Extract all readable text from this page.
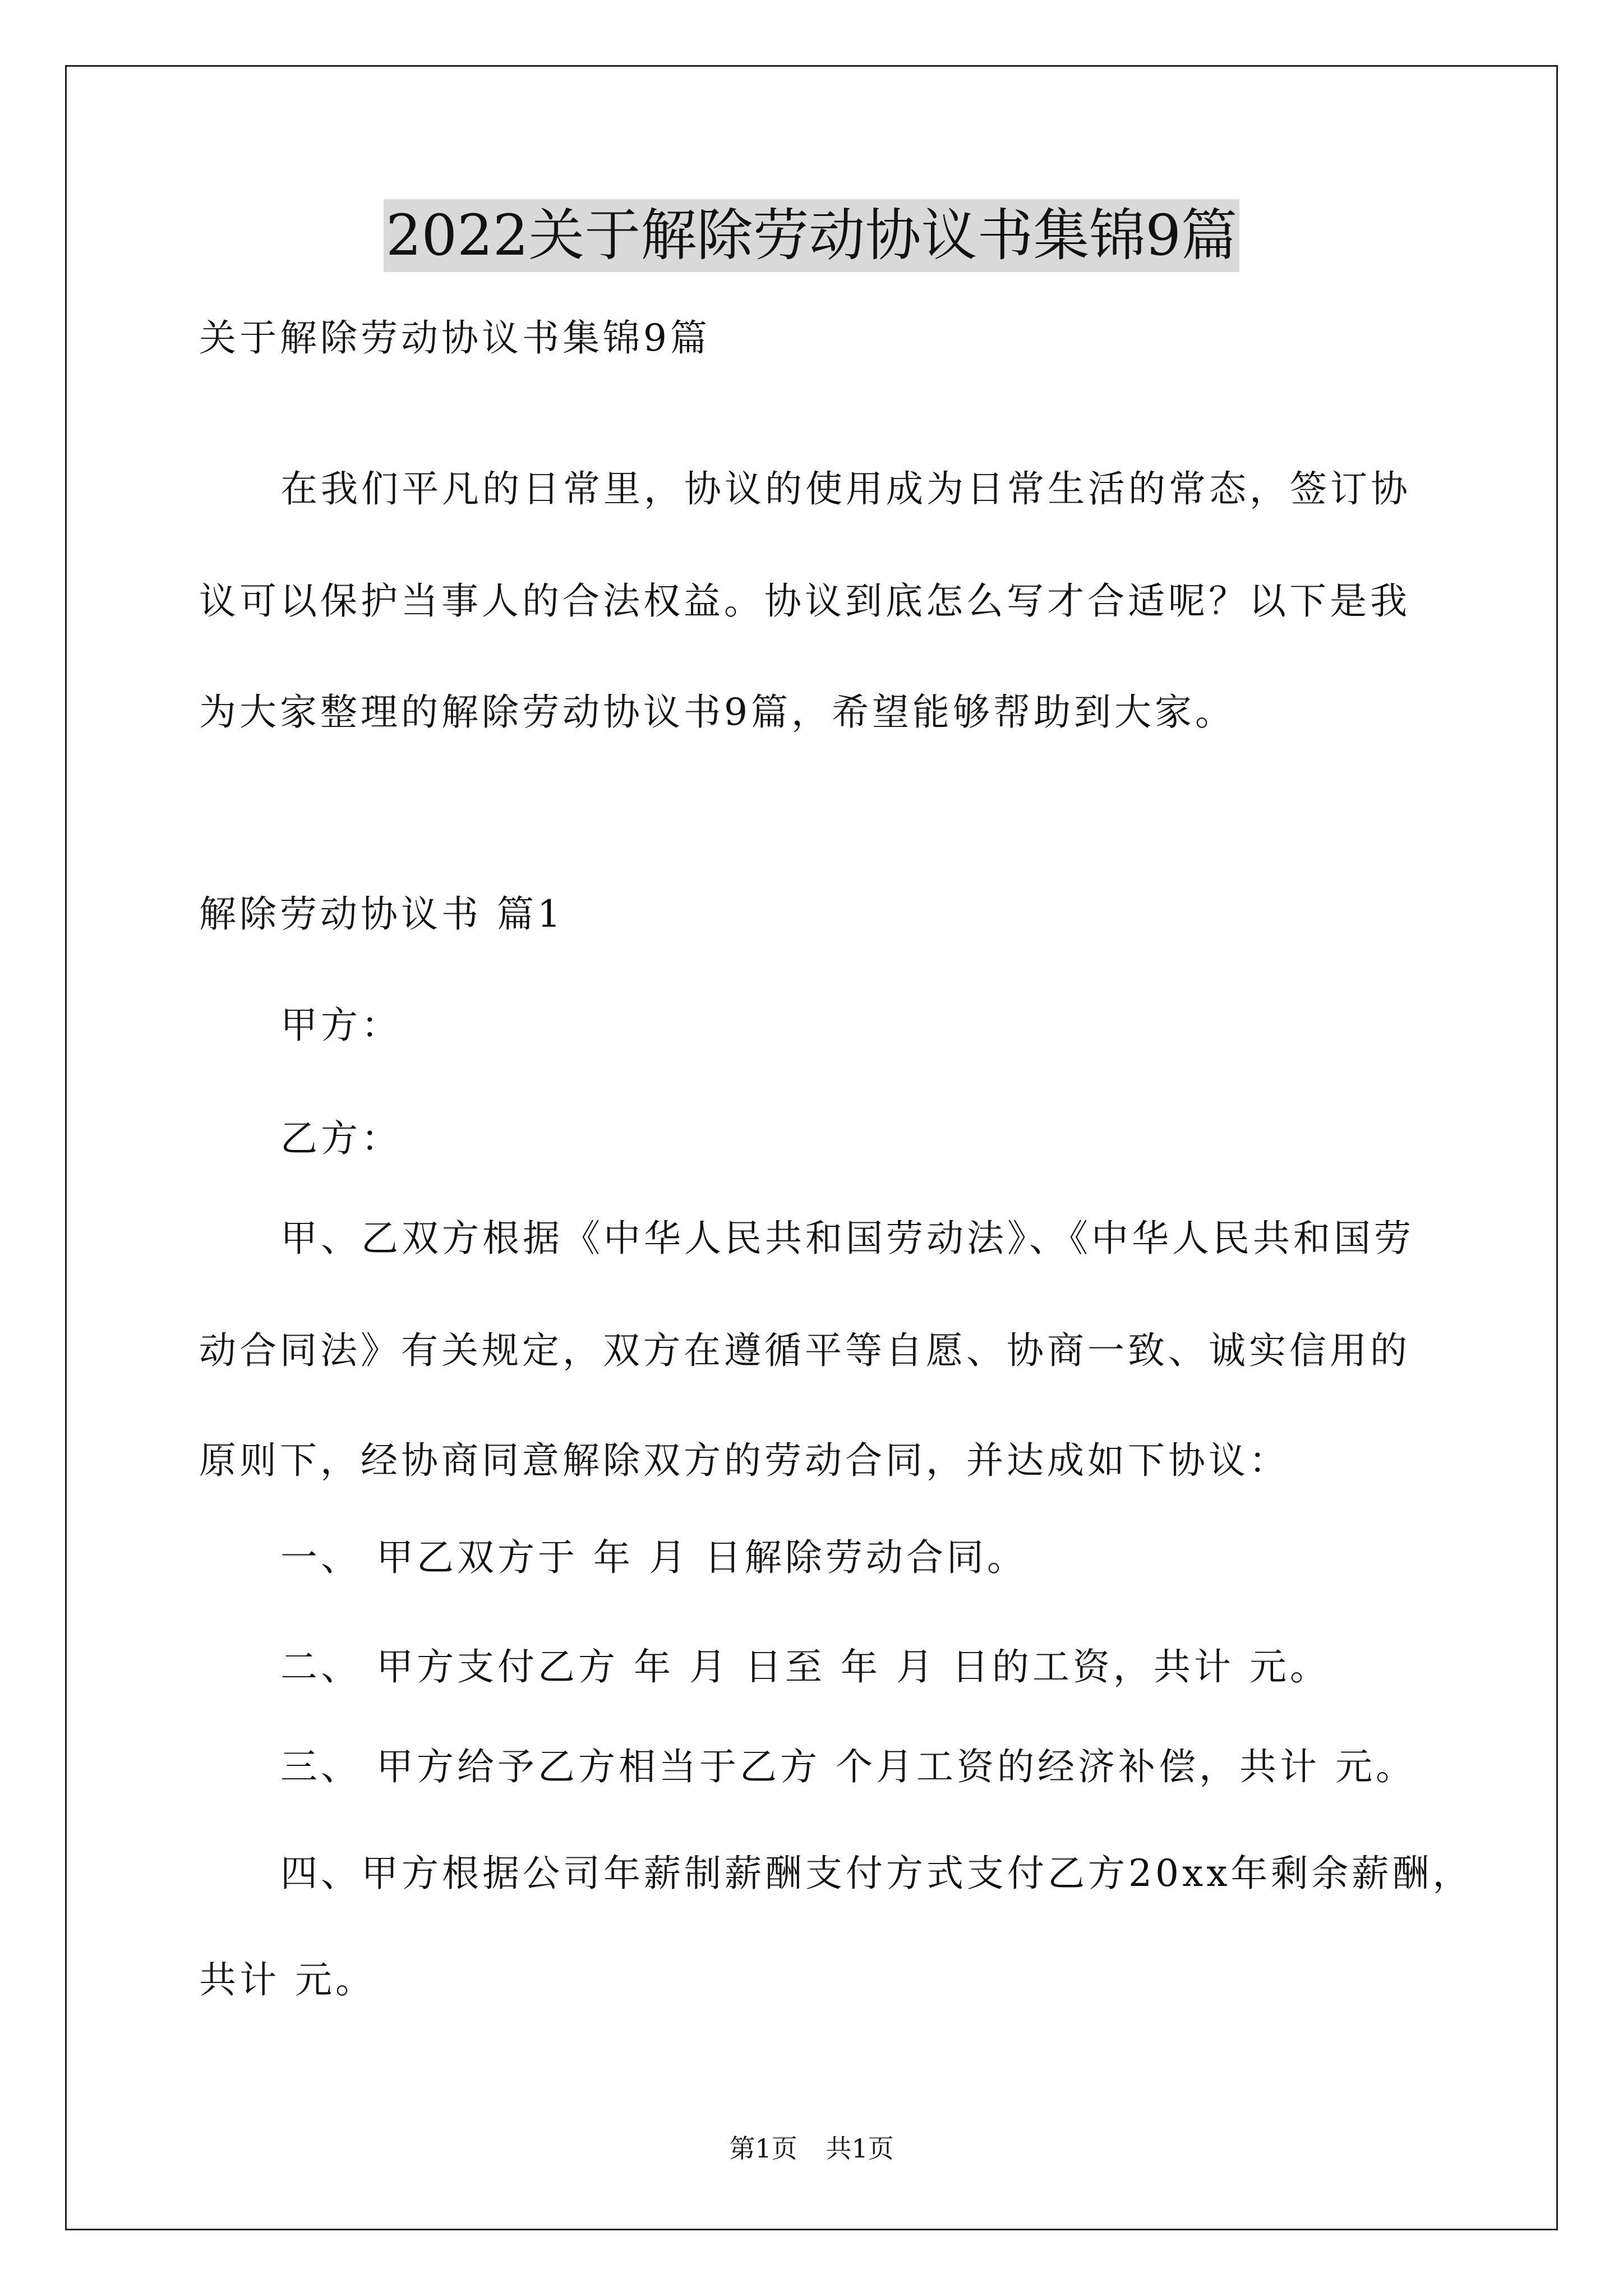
2022关于解除劳动协议书集锦9篇
关于解除劳动协议书集锦9篇
在我们平凡的日常里，协议的使用成为日常生活的常态，签订协
议可以保护当事人的合法权益。协议到底怎么写才合适呢？以下是我
为大家整理的解除劳动协议书9篇，希望能够帮助到大家。
解除劳动协议书 篇1
甲方：
乙方：
甲、乙双方根据《中华人民共和国劳动法》、《中华人民共和国劳
动合同法》有关规定，双方在遵循平等自愿、协商一致、诚实信用的
原则下，经协商同意解除双方的劳动合同，并达成如下协议：
一、 甲乙双方于 年 月 日解除劳动合同。
二、 甲方支付乙方 年 月 日至 年 月 日的工资，共计 元。
三、 甲方给予乙方相当于乙方 个月工资的经济补偿，共计 元。
四、甲方根据公司年薪制薪酬支付方式支付乙方20xx年剩余薪酬，
共计 元。
第1页 共1页
